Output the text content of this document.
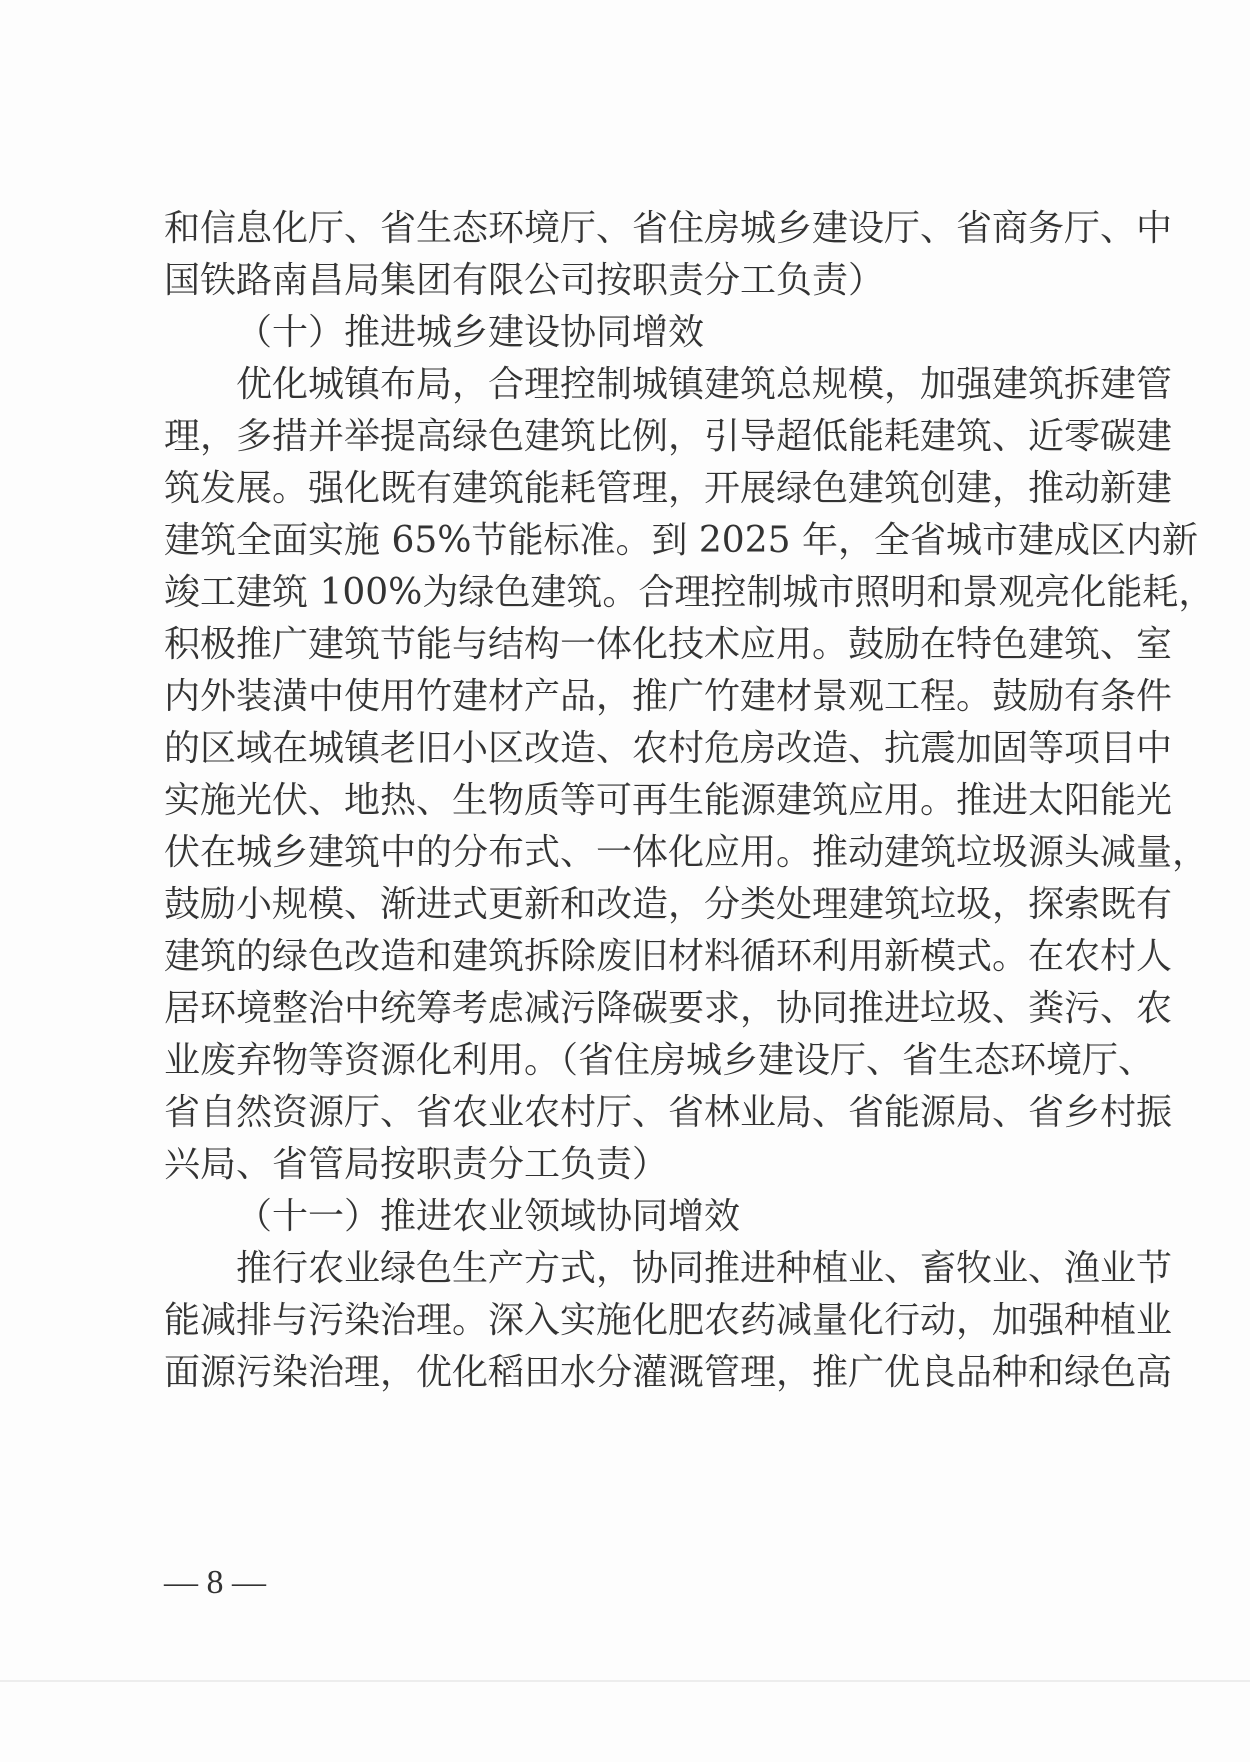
和信息化厅、省生态环境厅、省住房城乡建设厅、省商务厅、中
国铁路南昌局集团有限公司按职责分工负责）
（十）推进城乡建设协同增效
优化城镇布局，合理控制城镇建筑总规模，加强建筑拆建管
理，多措并举提高绿色建筑比例，引导超低能耗建筑、近零碳建
筑发展。强化既有建筑能耗管理，开展绿色建筑创建，推动新建
建筑全面实施 65%节能标准。到 2025 年，全省城市建成区内新
竣工建筑 100%为绿色建筑。合理控制城市照明和景观亮化能耗，
积极推广建筑节能与结构一体化技术应用。鼓励在特色建筑、室
内外装潢中使用竹建材产品，推广竹建材景观工程。鼓励有条件
的区域在城镇老旧小区改造、农村危房改造、抗震加固等项目中
实施光伏、地热、生物质等可再生能源建筑应用。推进太阳能光
伏在城乡建筑中的分布式、一体化应用。推动建筑垃圾源头减量，
鼓励小规模、渐进式更新和改造，分类处理建筑垃圾，探索既有
建筑的绿色改造和建筑拆除废旧材料循环利用新模式。在农村人
居环境整治中统筹考虑减污降碳要求，协同推进垃圾、粪污、农
业废弃物等资源化利用。（省住房城乡建设厅、省生态环境厅、
省自然资源厅、省农业农村厅、省林业局、省能源局、省乡村振
兴局、省管局按职责分工负责）
（十一）推进农业领域协同增效
推行农业绿色生产方式，协同推进种植业、畜牧业、渔业节
能减排与污染治理。深入实施化肥农药减量化行动，加强种植业
面源污染治理，优化稻田水分灌溉管理，推广优良品种和绿色高
— 8 —
